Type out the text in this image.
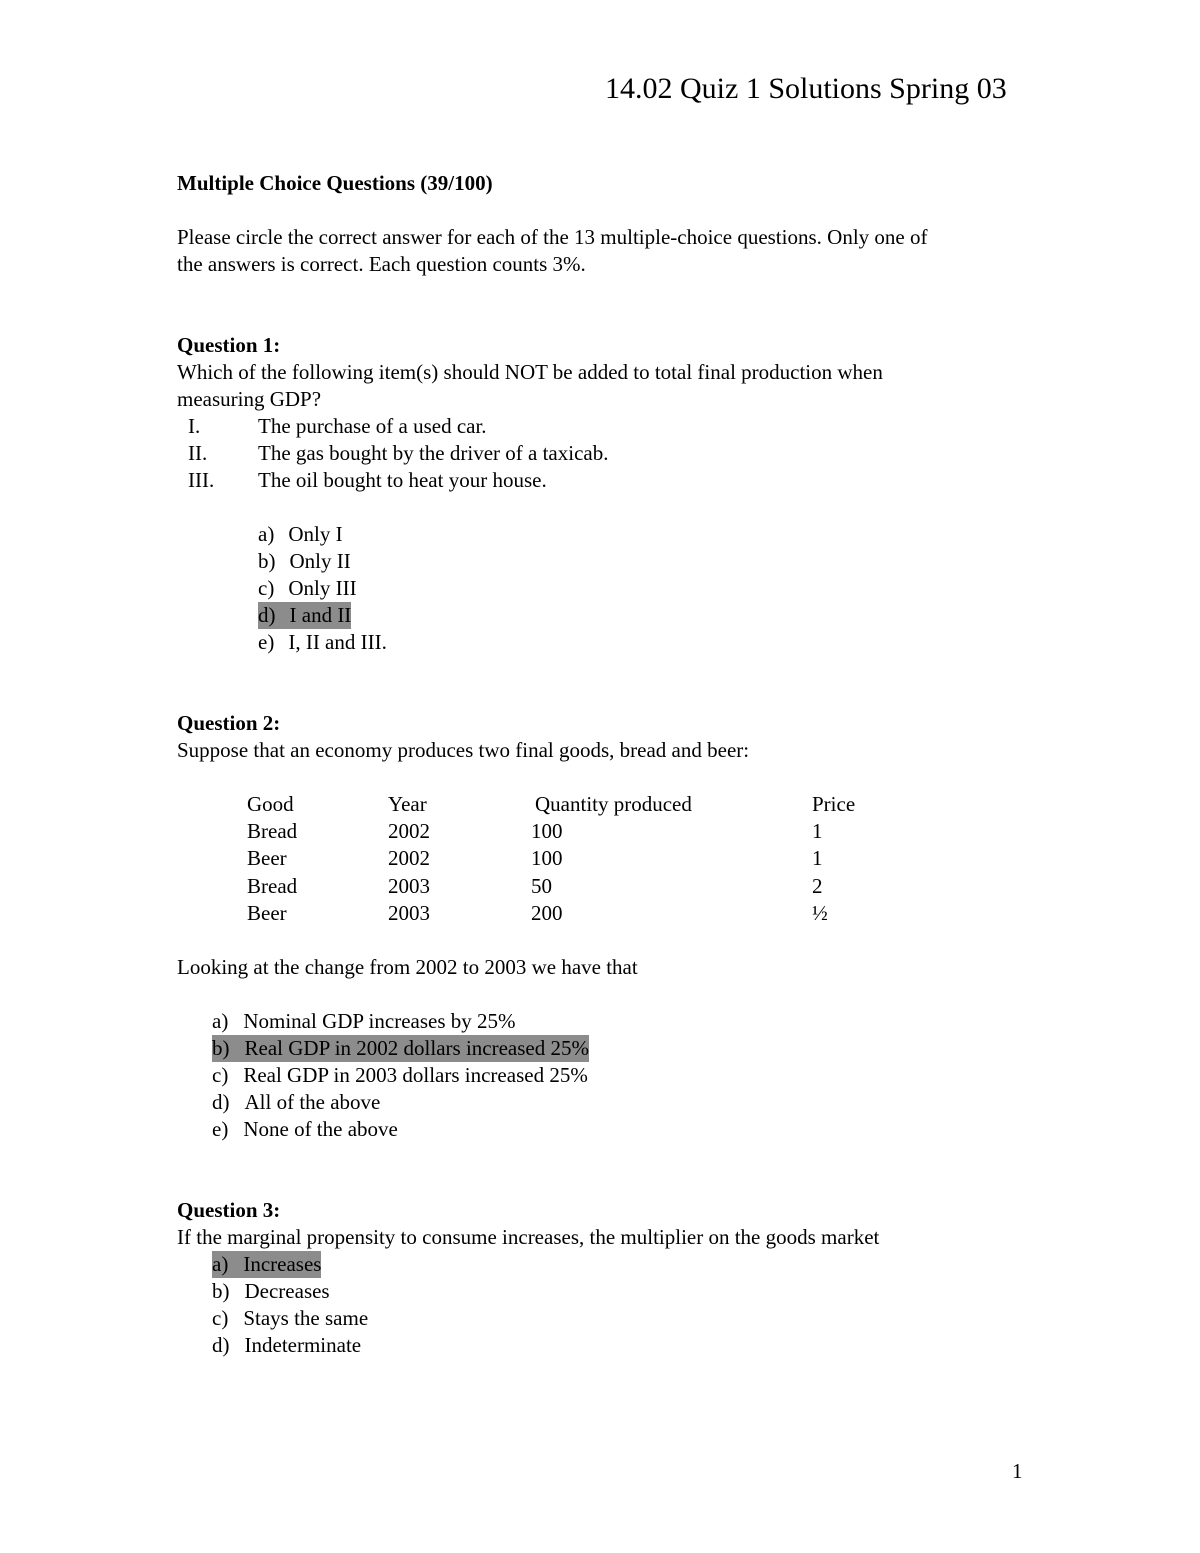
14.02 Quiz 1 Solutions Spring 03
Multiple Choice Questions (39/100)
Please circle the correct answer for each of the 13 multiple-choice questions. Only one of
the answers is correct. Each question counts 3%.
Question 1:
Which of the following item(s) should NOT be added to total final production when
measuring GDP?
I.	The purchase of a used car.
II. The gas bought by the driver of a taxicab.
III. The oil bought to heat your house.
a) Only I
b) Only II
c) Only III
d) I and II
e) I, II and III.
Question 2:
Suppose that an economy produces two final goods, bread and beer:
Good	Year	Quantity produced	Price
Bread	2002	100	1
Beer	2002	100	1
Bread	2003	50	2
Beer	2003	200	½
Looking at the change from 2002 to 2003 we have that
a) Nominal GDP increases by 25%
b) Real GDP in 2002 dollars increased 25%
c) Real GDP in 2003 dollars increased 25%
d) All of the above
e) None of the above
Question 3:
If the marginal propensity to consume increases, the multiplier on the goods market
a) Increases
b) Decreases
c) Stays the same
d) Indeterminate
1
